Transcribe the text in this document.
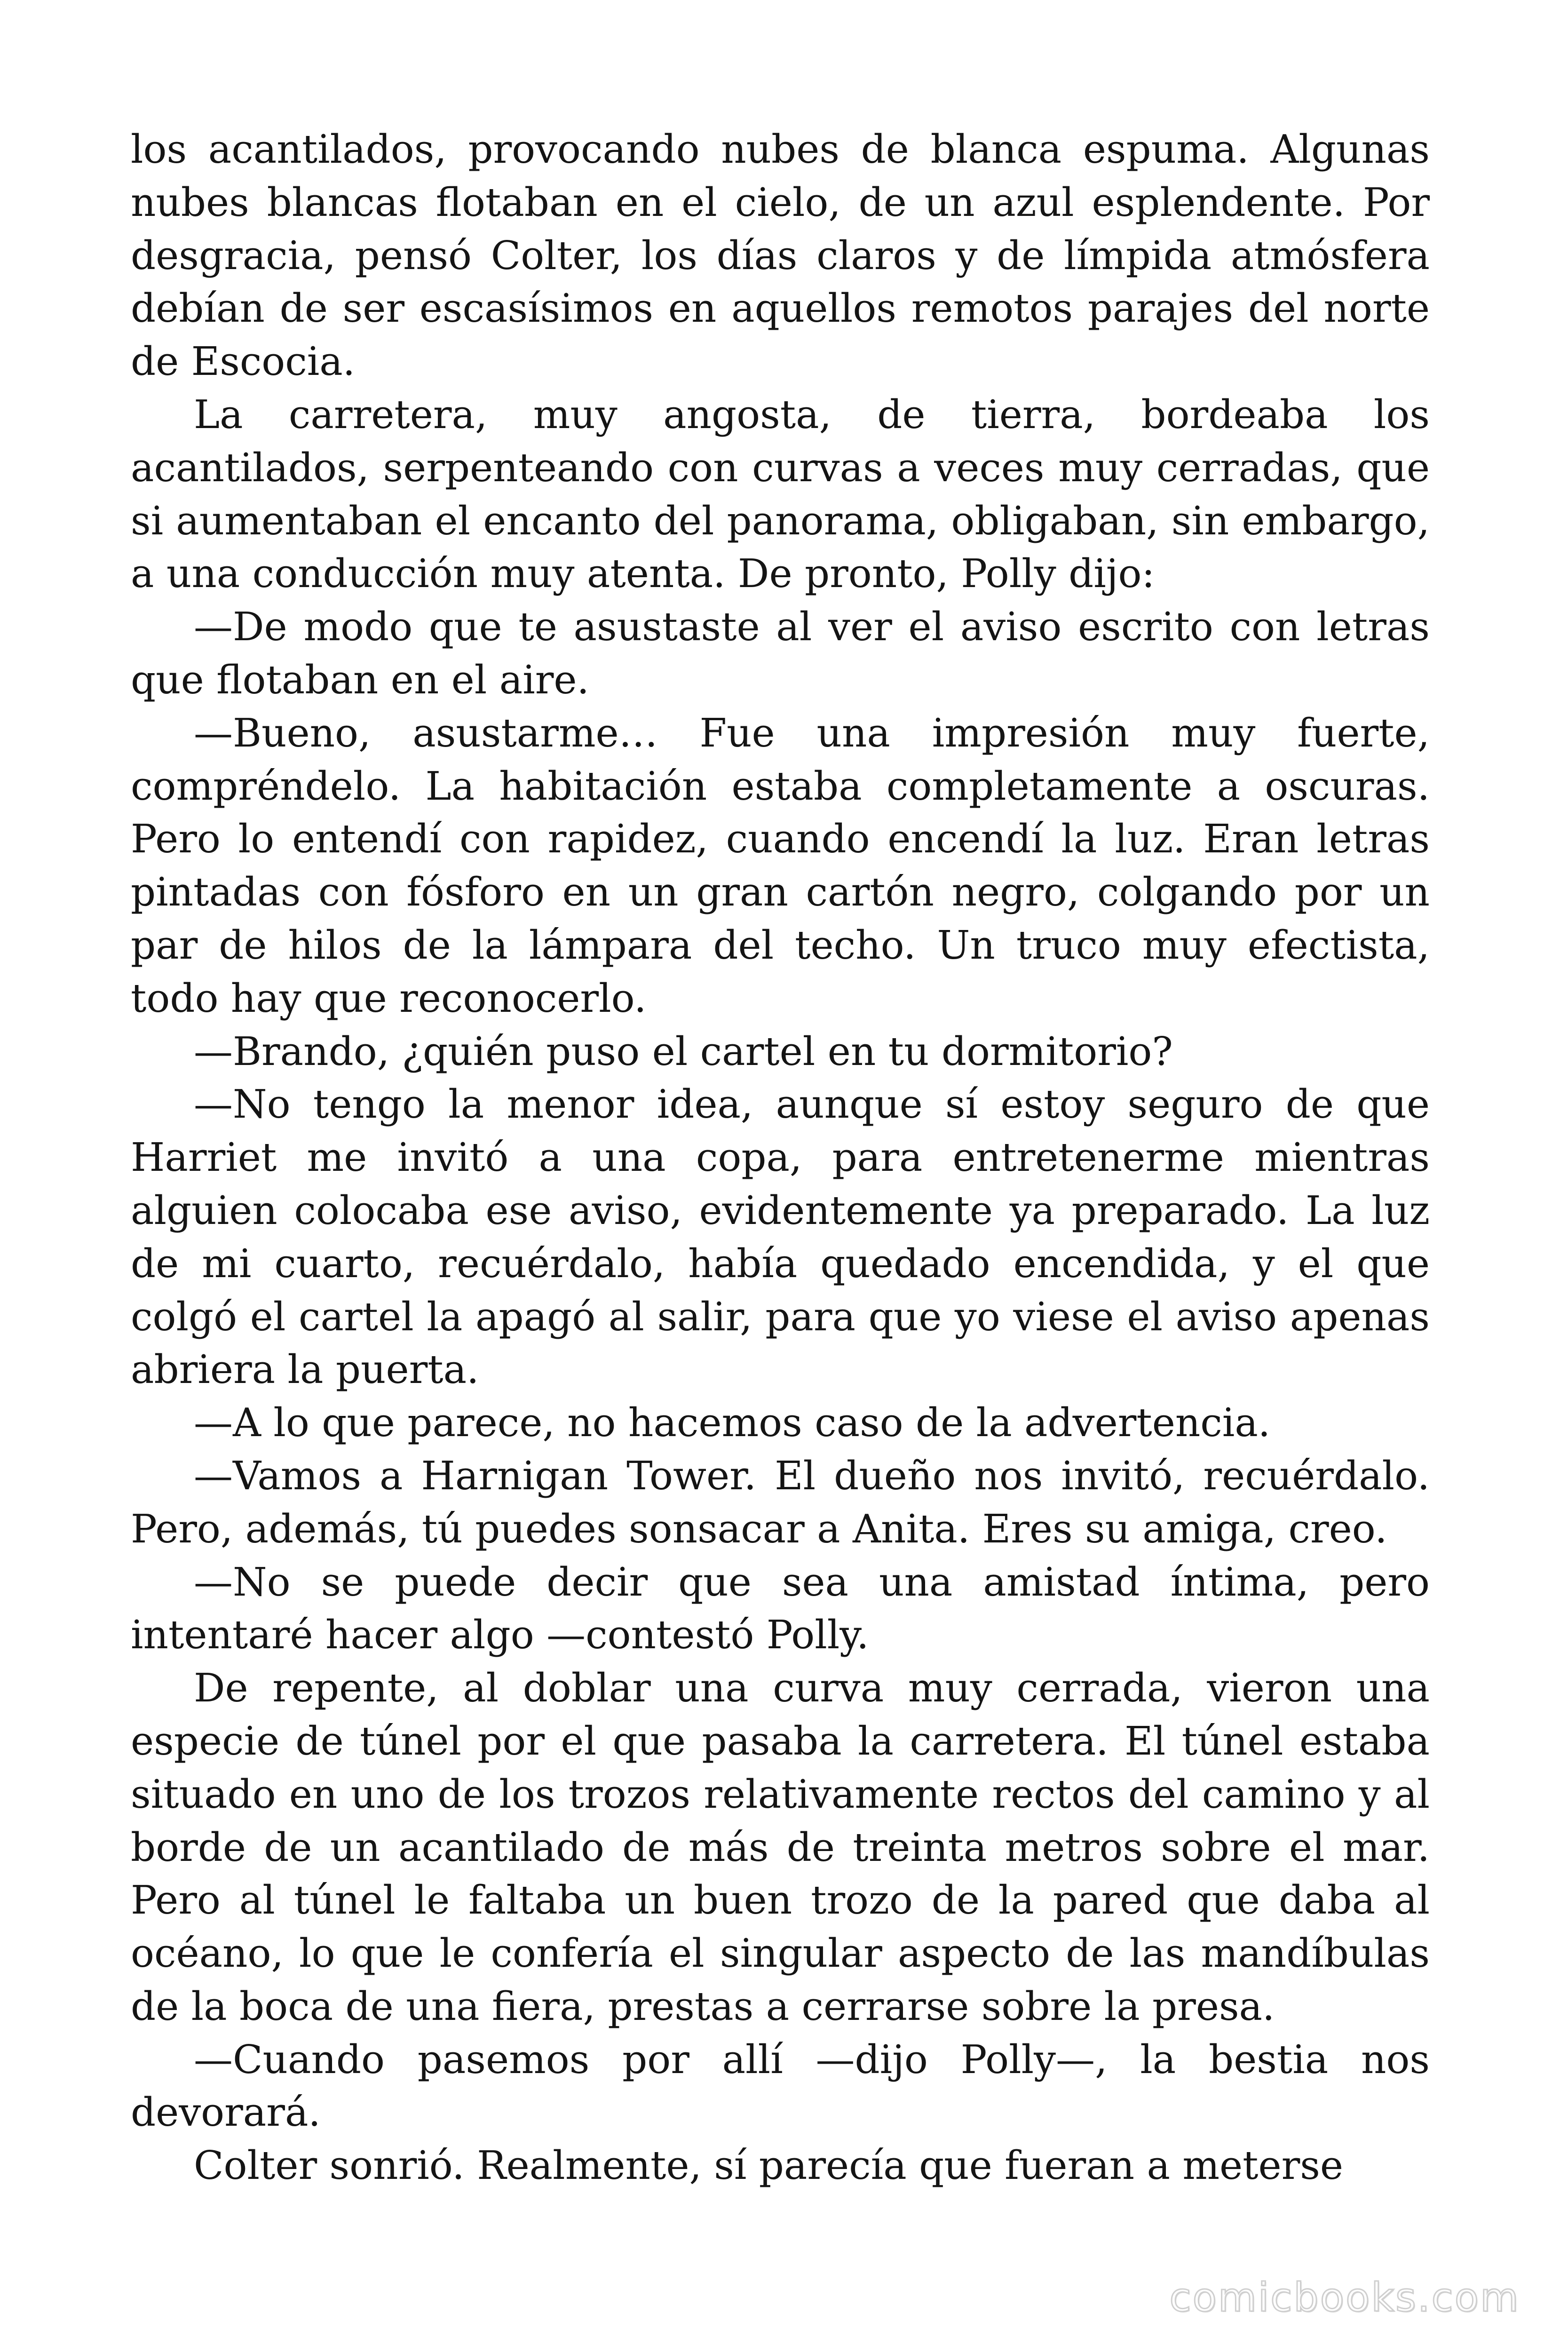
los acantilados, provocando nubes de blanca espuma. Algunas nubes blancas flotaban en el cielo, de un azul esplendente. Por desgracia, pensó Colter, los días claros y de límpida atmósfera debían de ser escasísimos en aquellos remotos parajes del norte de Escocia.

La carretera, muy angosta, de tierra, bordeaba los acantilados, serpenteando con curvas a veces muy cerradas, que si aumentaban el encanto del panorama, obligaban, sin embargo, a una conducción muy atenta. De pronto, Polly dijo:

—De modo que te asustaste al ver el aviso escrito con letras que flotaban en el aire.

—Bueno, asustarme… Fue una impresión muy fuerte, compréndelo. La habitación estaba completamente a oscuras. Pero lo entendí con rapidez, cuando encendí la luz. Eran letras pintadas con fósforo en un gran cartón negro, colgando por un par de hilos de la lámpara del techo. Un truco muy efectista, todo hay que reconocerlo.

—Brando, ¿quién puso el cartel en tu dormitorio?

—No tengo la menor idea, aunque sí estoy seguro de que Harriet me invitó a una copa, para entretenerme mientras alguien colocaba ese aviso, evidentemente ya preparado. La luz de mi cuarto, recuérdalo, había quedado encendida, y el que colgó el cartel la apagó al salir, para que yo viese el aviso apenas abriera la puerta.

—A lo que parece, no hacemos caso de la advertencia.

—Vamos a Harnigan Tower. El dueño nos invitó, recuérdalo. Pero, además, tú puedes sonsacar a Anita. Eres su amiga, creo.

—No se puede decir que sea una amistad íntima, pero intentaré hacer algo —contestó Polly.

De repente, al doblar una curva muy cerrada, vieron una especie de túnel por el que pasaba la carretera. El túnel estaba situado en uno de los trozos relativamente rectos del camino y al borde de un acantilado de más de treinta metros sobre el mar. Pero al túnel le faltaba un buen trozo de la pared que daba al océano, lo que le confería el singular aspecto de las mandíbulas de la boca de una fiera, prestas a cerrarse sobre la presa.

—Cuando pasemos por allí —dijo Polly—, la bestia nos devorará.

Colter sonrió. Realmente, sí parecía que fueran a meterse

comicbooks.com
